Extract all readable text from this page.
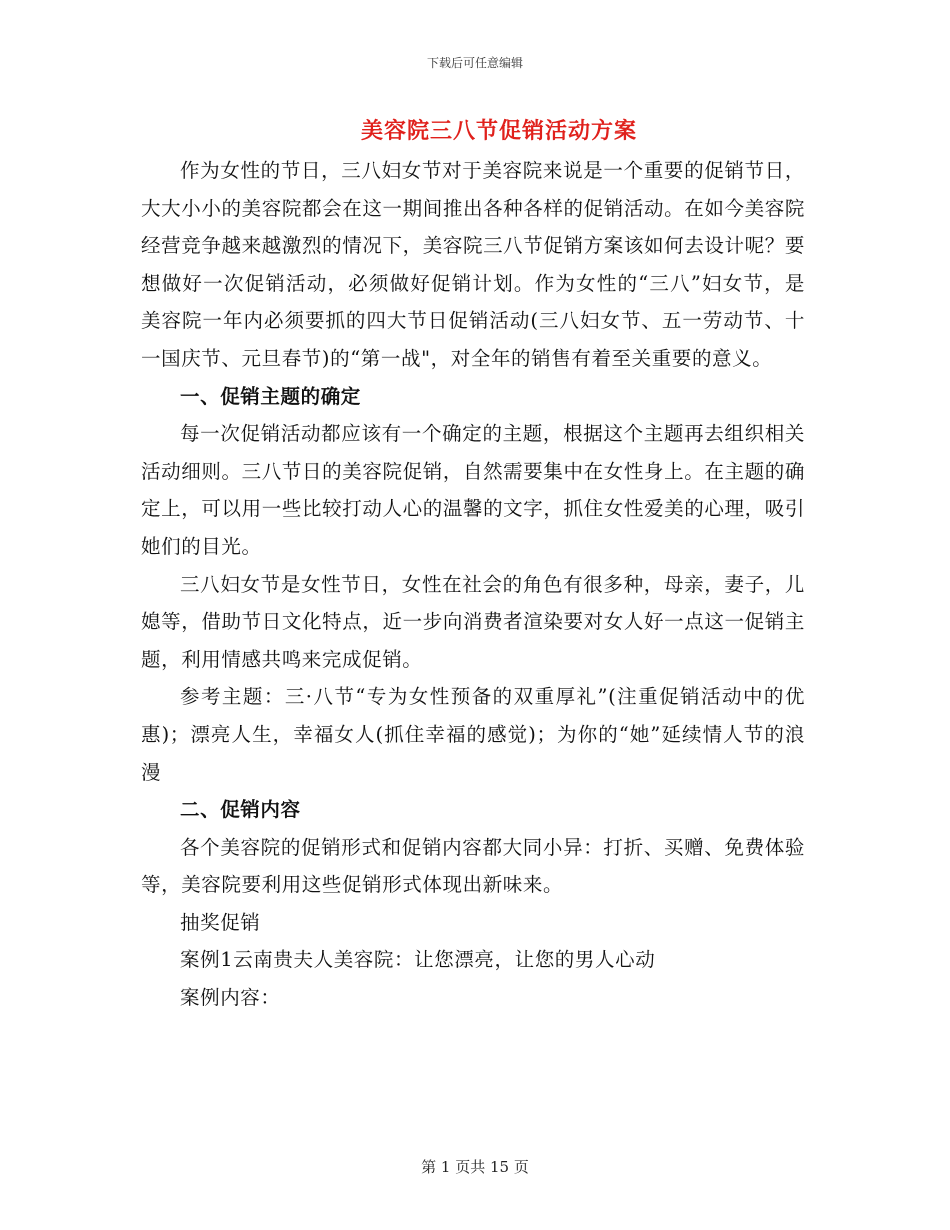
下载后可任意编辑
美容院三八节促销活动方案

作为女性的节日，三八妇女节对于美容院来说是一个重要的促销节日，大大小小的美容院都会在这一期间推出各种各样的促销活动。在如今美容院经营竞争越来越激烈的情况下，美容院三八节促销方案该如何去设计呢？要想做好一次促销活动，必须做好促销计划。作为女性的“三八”妇女节，是美容院一年内必须要抓的四大节日促销活动(三八妇女节、五一劳动节、十一国庆节、元旦春节)的“第一战"，对全年的销售有着至关重要的意义。

一、促销主题的确定

每一次促销活动都应该有一个确定的主题，根据这个主题再去组织相关活动细则。三八节日的美容院促销，自然需要集中在女性身上。在主题的确定上，可以用一些比较打动人心的温馨的文字，抓住女性爱美的心理，吸引她们的目光。

三八妇女节是女性节日，女性在社会的角色有很多种，母亲，妻子，儿媳等，借助节日文化特点，近一步向消费者渲染要对女人好一点这一促销主题，利用情感共鸣来完成促销。

参考主题：三·八节“专为女性预备的双重厚礼”(注重促销活动中的优惠)；漂亮人生，幸福女人(抓住幸福的感觉)；为你的“她”延续情人节的浪漫

二、促销内容

各个美容院的促销形式和促销内容都大同小异：打折、买赠、免费体验等，美容院要利用这些促销形式体现出新味来。

抽奖促销

案例1云南贵夫人美容院：让您漂亮，让您的男人心动

案例内容：

第 1 页共 15 页
